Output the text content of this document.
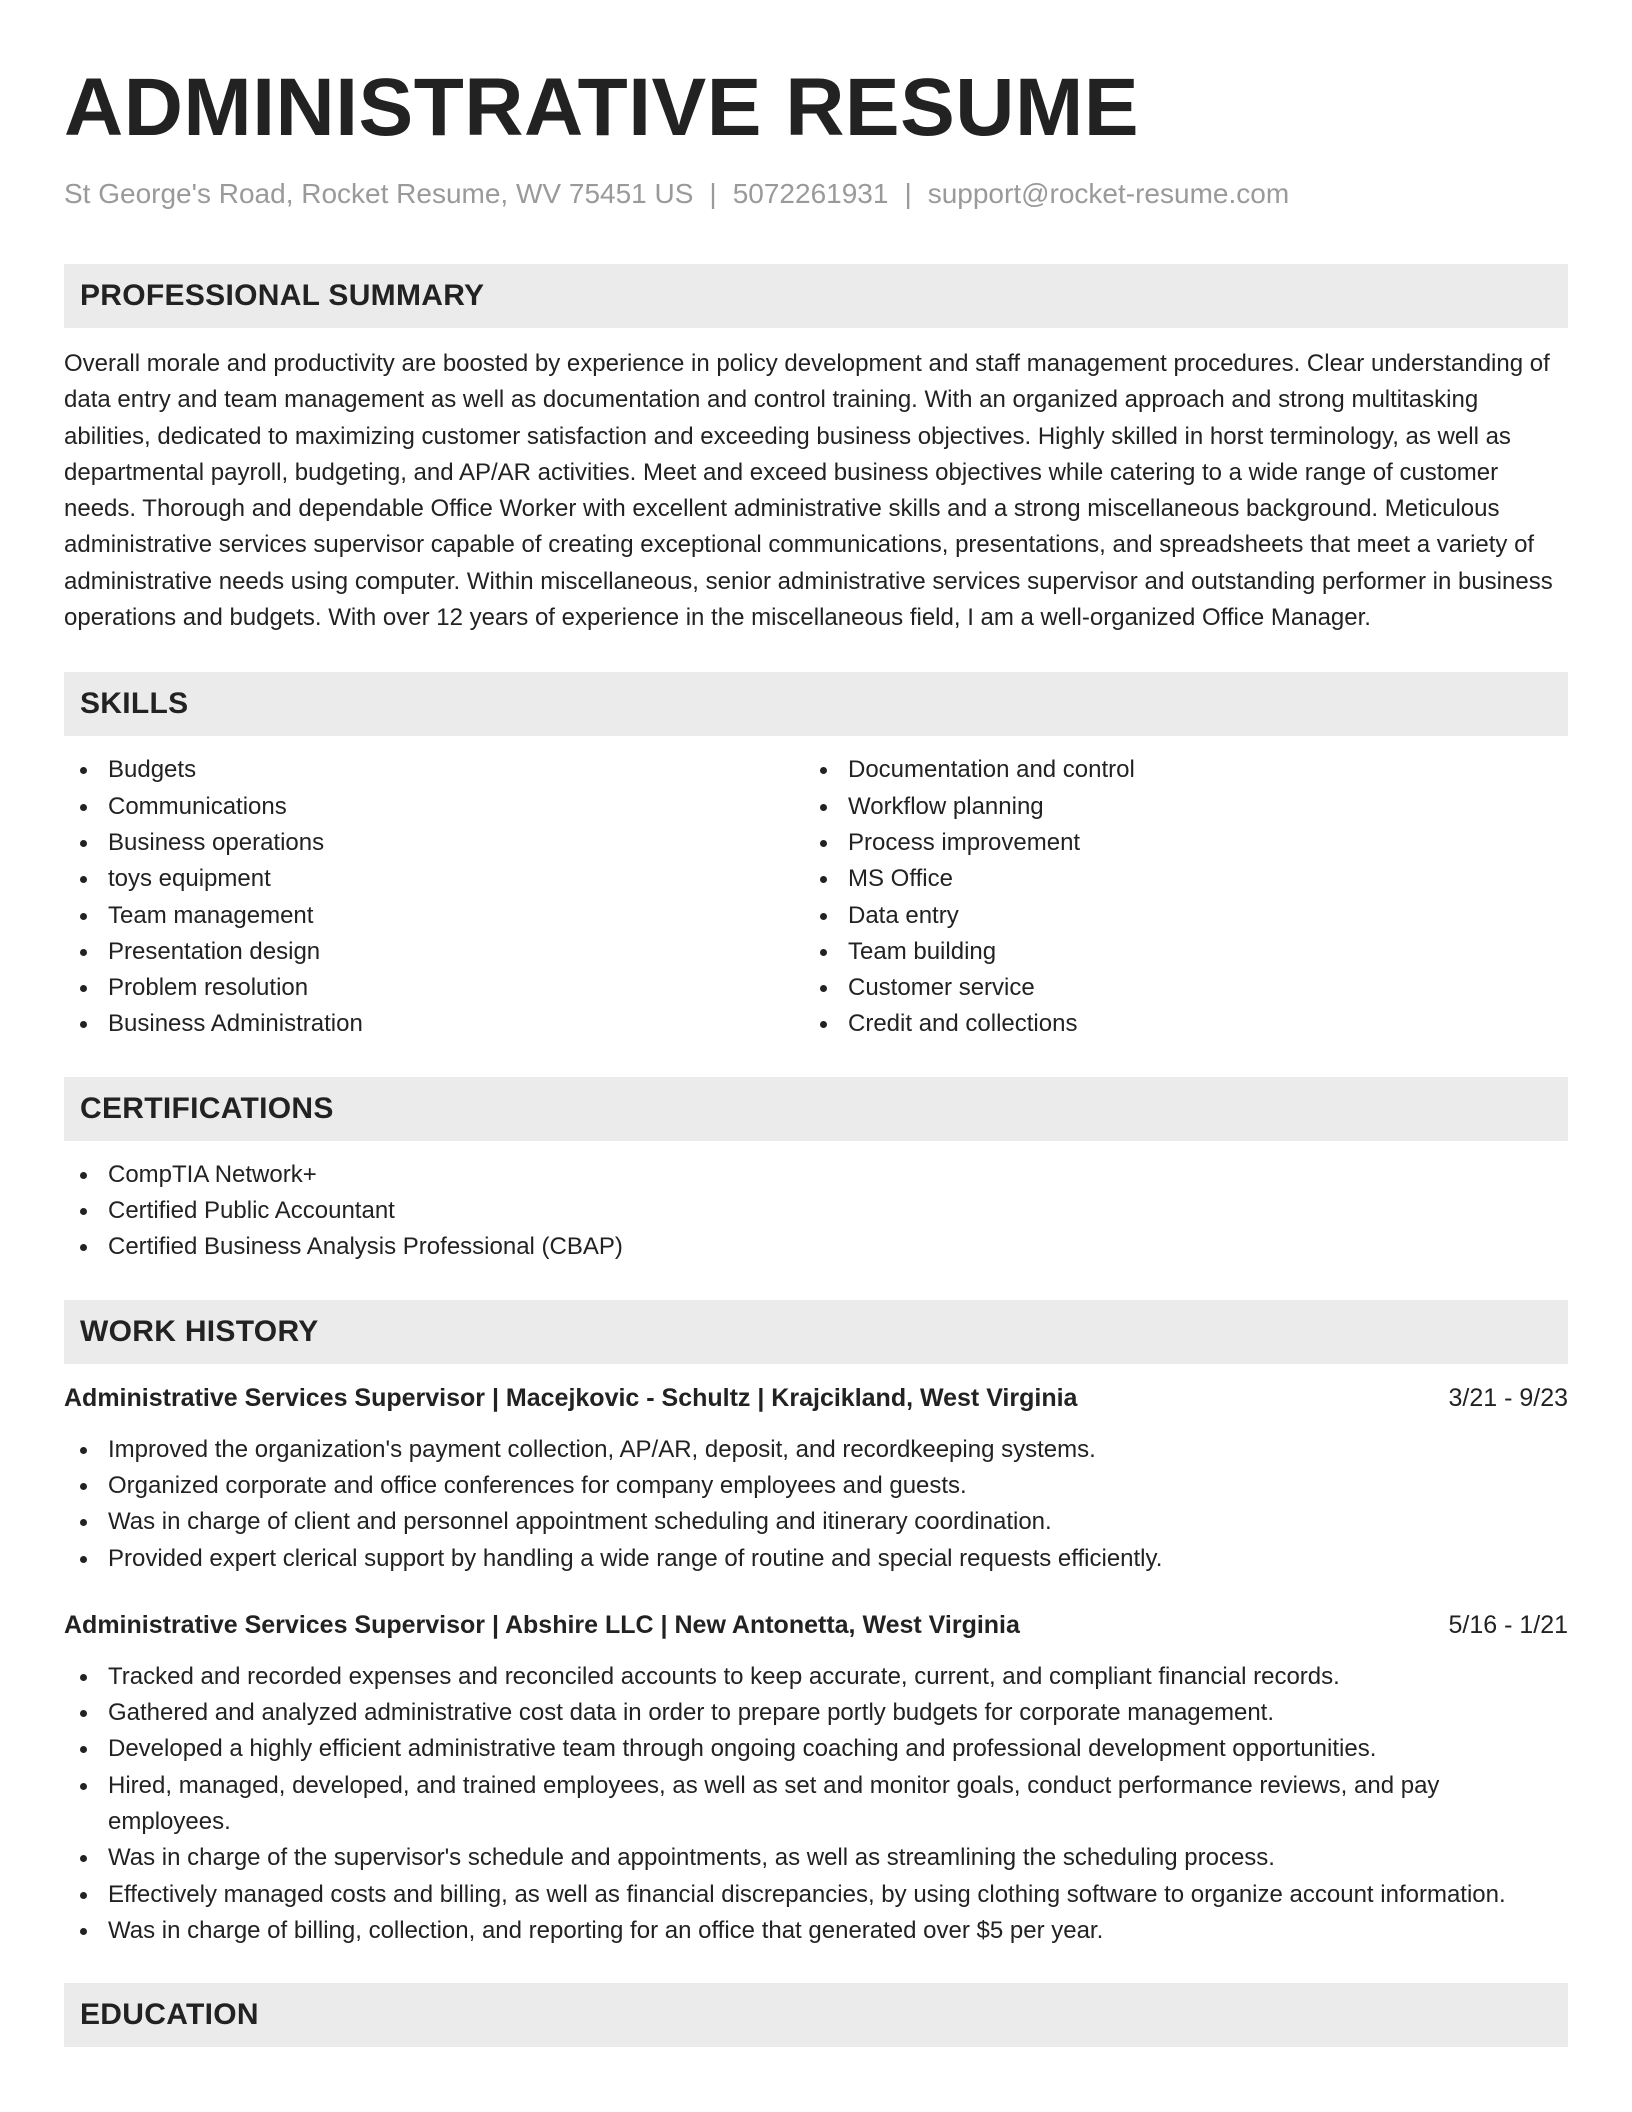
ADMINISTRATIVE RESUME
St George's Road, Rocket Resume, WV 75451 US | 5072261931 | support@rocket-resume.com
PROFESSIONAL SUMMARY

Overall morale and productivity are boosted by experience in policy development and staff management procedures. Clear understanding of data entry and team management as well as documentation and control training. With an organized approach and strong multitasking abilities, dedicated to maximizing customer satisfaction and exceeding business objectives. Highly skilled in horst terminology, as well as departmental payroll, budgeting, and AP/AR activities. Meet and exceed business objectives while catering to a wide range of customer needs. Thorough and dependable Office Worker with excellent administrative skills and a strong miscellaneous background. Meticulous administrative services supervisor capable of creating exceptional communications, presentations, and spreadsheets that meet a variety of administrative needs using computer. Within miscellaneous, senior administrative services supervisor and outstanding performer in business operations and budgets. With over 12 years of experience in the miscellaneous field, I am a well-organized Office Manager.

SKILLS
Budgets
Communications
Business operations
toys equipment
Team management
Presentation design
Problem resolution
Business Administration
Documentation and control
Workflow planning
Process improvement
MS Office
Data entry
Team building
Customer service
Credit and collections
CERTIFICATIONS
CompTIA Network+
Certified Public Accountant
Certified Business Analysis Professional (CBAP)
WORK HISTORY
Administrative Services Supervisor | Macejkovic - Schultz | Krajcikland, West Virginia	3/21 - 9/23
Improved the organization's payment collection, AP/AR, deposit, and recordkeeping systems.
Organized corporate and office conferences for company employees and guests.
Was in charge of client and personnel appointment scheduling and itinerary coordination.
Provided expert clerical support by handling a wide range of routine and special requests efficiently.
Administrative Services Supervisor | Abshire LLC | New Antonetta, West Virginia	5/16 - 1/21
Tracked and recorded expenses and reconciled accounts to keep accurate, current, and compliant financial records.
Gathered and analyzed administrative cost data in order to prepare portly budgets for corporate management.
Developed a highly efficient administrative team through ongoing coaching and professional development opportunities.
Hired, managed, developed, and trained employees, as well as set and monitor goals, conduct performance reviews, and pay employees.
Was in charge of the supervisor's schedule and appointments, as well as streamlining the scheduling process.
Effectively managed costs and billing, as well as financial discrepancies, by using clothing software to organize account information.
Was in charge of billing, collection, and reporting for an office that generated over $5 per year.
EDUCATION
